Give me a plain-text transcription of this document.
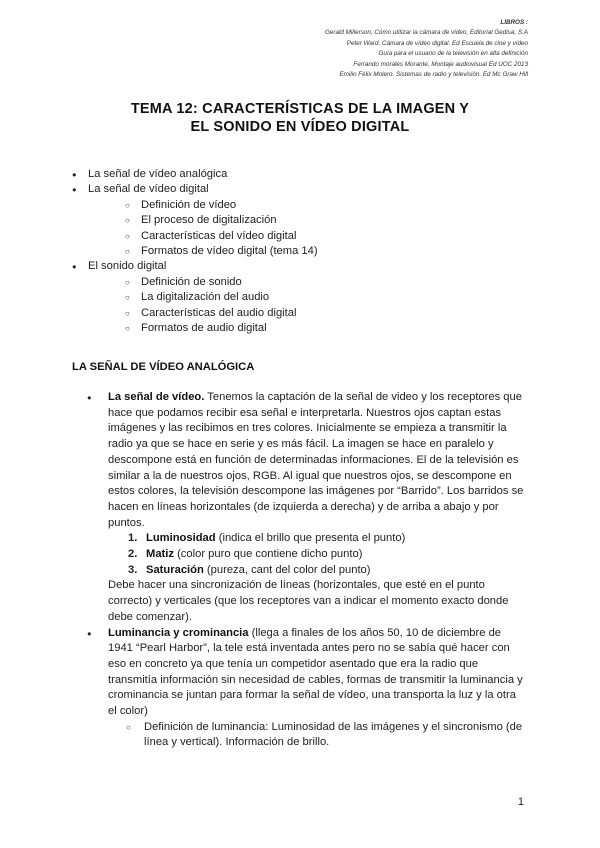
LIBROS :
Gerald Millerson, Cómo utilizar la cámara de vídeo, Editorial Gedisa, S.A
Peter Ward. Cámara de vídeo digital. Ed Escuela de cine y vídeo
Guía para el usuario de la televisión en alta definición
Ferrando morales Morante, Montaje audiovisual Ed UOC 2013
Emilio Félix Molero. Sistemas de radio y televisión. Ed Mc Graw Hill
TEMA 12: CARACTERÍSTICAS DE LA IMAGEN Y
EL SONIDO EN VÍDEO DIGITAL
● La señal de vídeo analógica
● La señal de vídeo digital
○ Definición de vídeo
○ El proceso de digitalización
○ Características del vídeo digital
○ Formatos de vídeo digital (tema 14)
● El sonido digital
○ Definición de sonido
○ La digitalización del audio
○ Características del audio digital
○ Formatos de audio digital
LA SEÑAL DE VÍDEO ANALÓGICA
● La señal de vídeo. Tenemos la captación de la señal de video y los receptores que hace que podamos recibir esa señal e interpretarla. Nuestros ojos captan estas imágenes y las recibimos en tres colores. Inicialmente se empieza a transmitir la radio ya que se hace en serie y es más fácil. La imagen se hace en paralelo y descompone está en función de determinadas informaciones. El de la televisión es similar a la de nuestros ojos, RGB. Al igual que nuestros ojos, se descompone en estos colores, la televisión descompone las imágenes por “Barrido”. Los barridos se hacen en líneas horizontales (de izquierda a derecha) y de arriba a abajo y por puntos.
1. Luminosidad (indica el brillo que presenta el punto)
2. Matiz (color puro que contiene dicho punto)
3. Saturación (pureza, cant del color del punto)
Debe hacer una sincronización de líneas (horizontales, que esté en el punto correcto) y verticales (que los receptores van a indicar el momento exacto donde debe comenzar).
● Luminancia y crominancia (llega a finales de los años 50, 10 de diciembre de 1941 “Pearl Harbor”, la tele está inventada antes pero no se sabía qué hacer con eso en concreto ya que tenía un competidor asentado que era la radio que transmitía información sin necesidad de cables, formas de transmitir la luminancia y crominancia se juntan para formar la señal de vídeo, una transporta la luz y la otra el color)
○ Definición de luminancia: Luminosidad de las imágenes y el sincronismo (de línea y vertical). Información de brillo.
1
